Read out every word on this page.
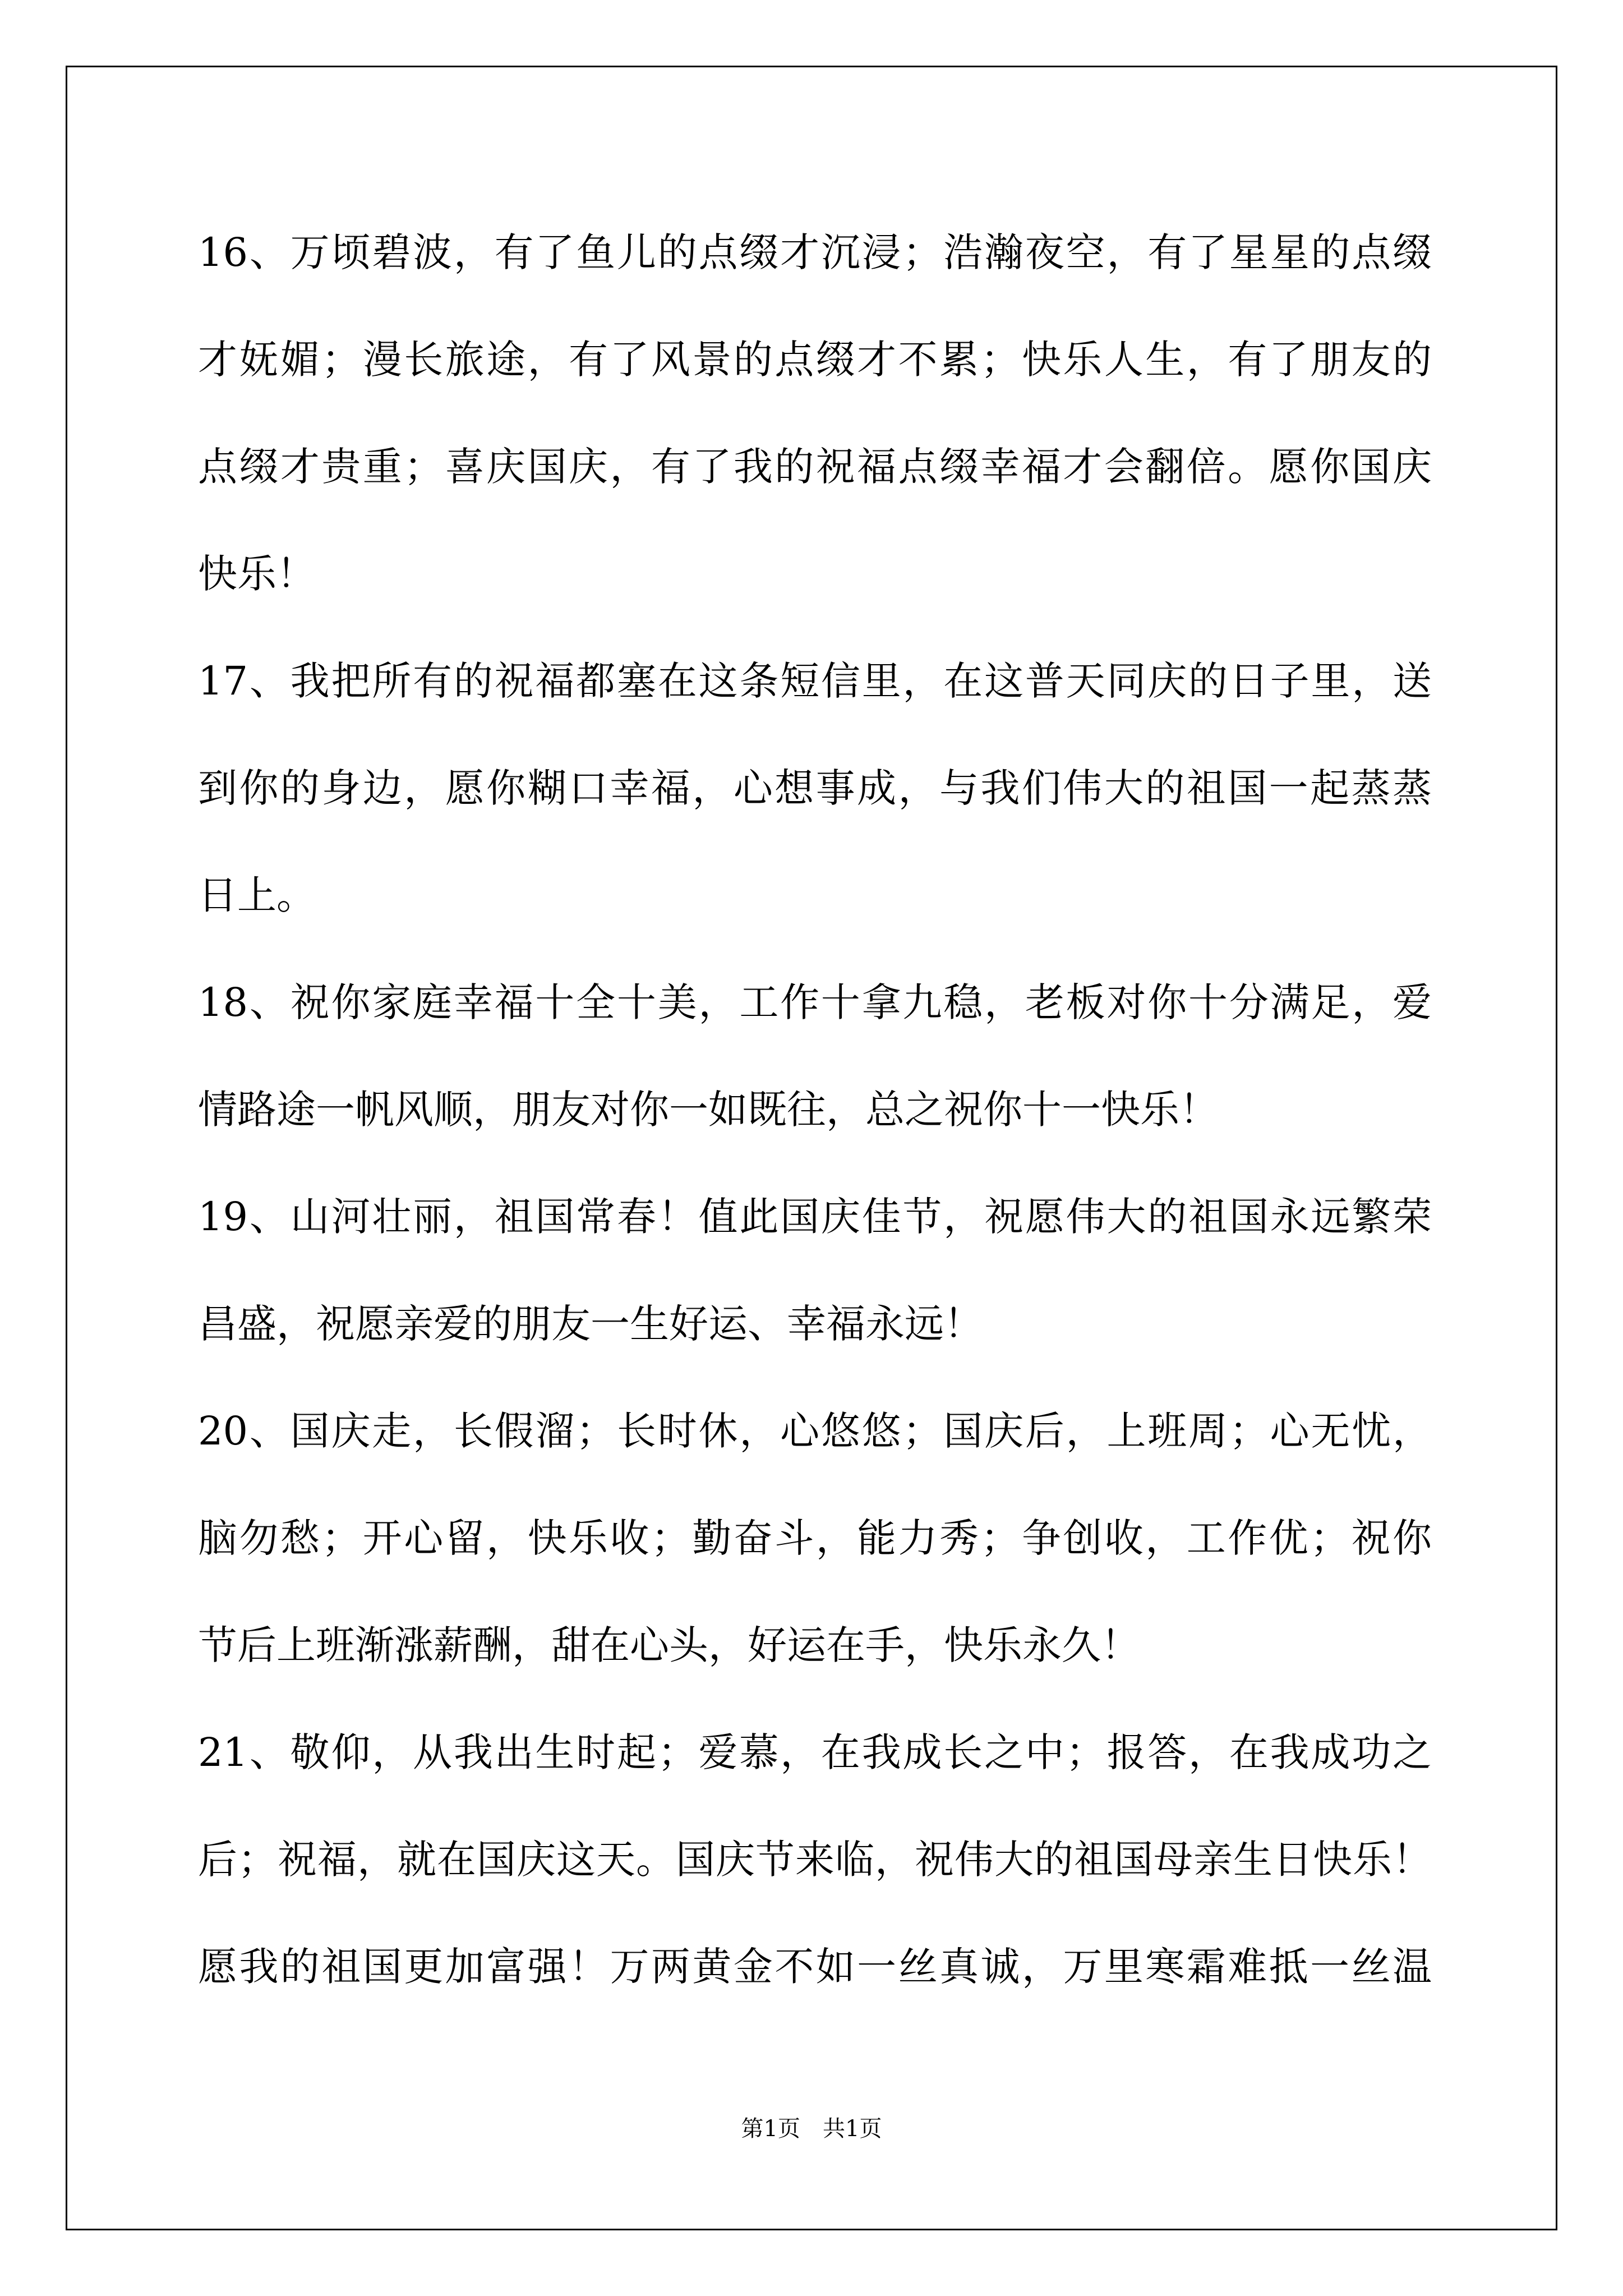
16、万顷碧波，有了鱼儿的点缀才沉浸；浩瀚夜空，有了星星的点缀
才妩媚；漫长旅途，有了风景的点缀才不累；快乐人生，有了朋友的
点缀才贵重；喜庆国庆，有了我的祝福点缀幸福才会翻倍。愿你国庆
快乐！
17、我把所有的祝福都塞在这条短信里，在这普天同庆的日子里，送
到你的身边，愿你糊口幸福，心想事成，与我们伟大的祖国一起蒸蒸
日上。
18、祝你家庭幸福十全十美，工作十拿九稳，老板对你十分满足，爱
情路途一帆风顺，朋友对你一如既往，总之祝你十一快乐！
19、山河壮丽，祖国常春！值此国庆佳节，祝愿伟大的祖国永远繁荣
昌盛，祝愿亲爱的朋友一生好运、幸福永远！
20、国庆走，长假溜；长时休，心悠悠；国庆后，上班周；心无忧，
脑勿愁；开心留，快乐收；勤奋斗，能力秀；争创收，工作优；祝你
节后上班渐涨薪酬，甜在心头，好运在手，快乐永久！
21、敬仰，从我出生时起；爱慕，在我成长之中；报答，在我成功之
后；祝福，就在国庆这天。国庆节来临，祝伟大的祖国母亲生日快乐！
愿我的祖国更加富强！万两黄金不如一丝真诚，万里寒霜难抵一丝温
第1页　共1页
